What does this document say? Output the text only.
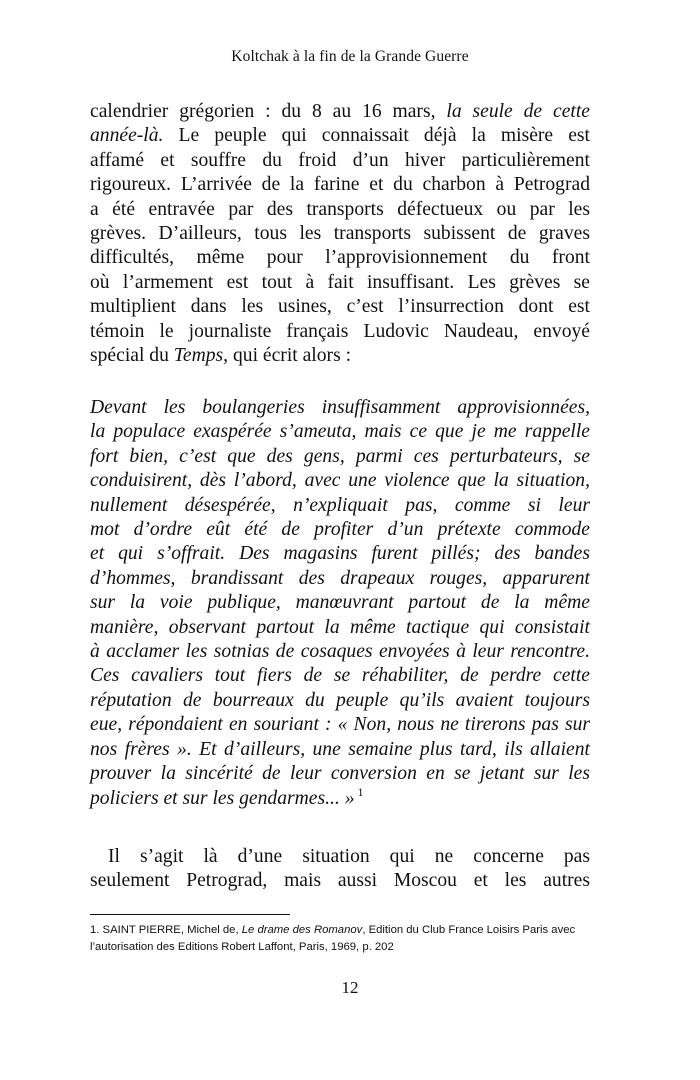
Koltchak à la fin de la Grande Guerre
calendrier grégorien : du 8 au 16 mars, la seule de cette
année-là. Le peuple qui connaissait déjà la misère est
affamé et souffre du froid d’un hiver particulièrement
rigoureux. L’arrivée de la farine et du charbon à Petrograd
a été entravée par des transports défectueux ou par les
grèves. D’ailleurs, tous les transports subissent de graves
difficultés, même pour l’approvisionnement du front
où l’armement est tout à fait insuffisant. Les grèves se
multiplient dans les usines, c’est l’insurrection dont est
témoin le journaliste français Ludovic Naudeau, envoyé
spécial du Temps, qui écrit alors :
Devant les boulangeries insuffisamment approvisionnées,
la populace exaspérée s’ameuta, mais ce que je me rappelle
fort bien, c’est que des gens, parmi ces perturbateurs, se
conduisirent, dès l’abord, avec une violence que la situation,
nullement désespérée, n’expliquait pas, comme si leur
mot d’ordre eût été de profiter d’un prétexte commode
et qui s’offrait. Des magasins furent pillés; des bandes
d’hommes, brandissant des drapeaux rouges, apparurent
sur la voie publique, manœuvrant partout de la même
manière, observant partout la même tactique qui consistait
à acclamer les sotnias de cosaques envoyées à leur rencontre.
Ces cavaliers tout fiers de se réhabiliter, de perdre cette
réputation de bourreaux du peuple qu’ils avaient toujours
eue, répondaient en souriant : « Non, nous ne tirerons pas sur
nos frères ». Et d’ailleurs, une semaine plus tard, ils allaient
prouver la sincérité de leur conversion en se jetant sur les
policiers et sur les gendarmes... » $^1$
Il s’agit là d’une situation qui ne concerne pas
seulement Petrograd, mais aussi Moscou et les autres
1. SAINT PIERRE, Michel de, Le drame des Romanov, Edition du Club France Loisirs Paris avec
l’autorisation des Editions Robert Laffont, Paris, 1969, p. 202
12
